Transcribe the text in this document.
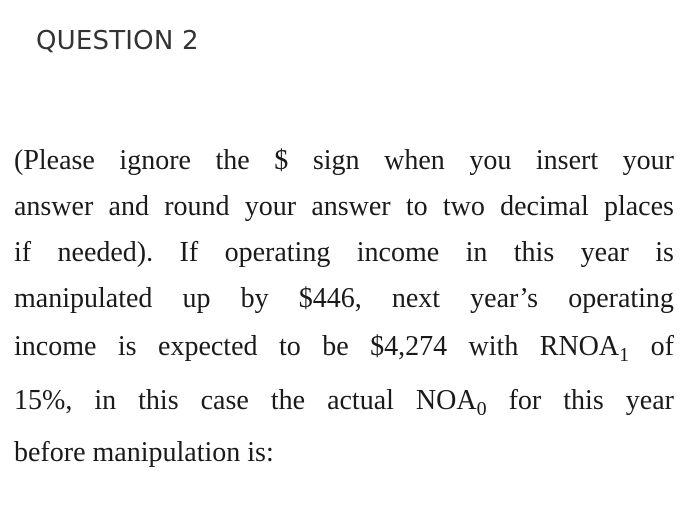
QUESTION 2
(Please ignore the $ sign when you insert your
answer and round your answer to two decimal places
if needed). If operating income in this year is
manipulated up by $446, next year’s operating
income is expected to be $4,274 with $RNOA_1$ of
15%, in this case the actual $NOA_0$ for this year
before manipulation is:
